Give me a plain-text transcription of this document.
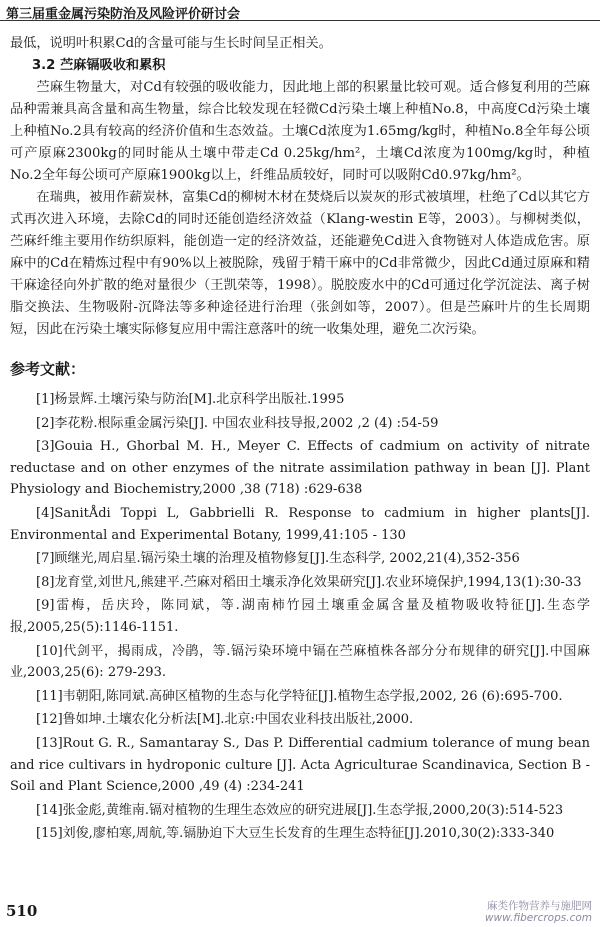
第三届重金属污染防治及风险评价研讨会

最低，说明叶积累Cd的含量可能与生长时间呈正相关。

3.2 苎麻镉吸收和累积

苎麻生物量大，对Cd有较强的吸收能力，因此地上部的积累量比较可观。适合修复利用的苎麻品种需兼具高含量和高生物量，综合比较发现在轻微Cd污染土壤上种植No.8，中高度Cd污染土壤上种植No.2具有较高的经济价值和生态效益。土壤Cd浓度为1.65mg/kg时，种植No.8全年每公顷可产原麻2300kg的同时能从土壤中带走Cd 0.25kg/hm²，土壤Cd浓度为100mg/kg时，种植No.2全年每公顷可产原麻1900kg以上，纤维品质较好，同时可以吸附Cd0.97kg/hm²。

在瑞典，被用作薪炭林，富集Cd的柳树木材在焚烧后以炭灰的形式被填埋，杜绝了Cd以其它方式再次进入环境，去除Cd的同时还能创造经济效益（Klang-westin E等，2003）。与柳树类似，苎麻纤维主要用作纺织原料，能创造一定的经济效益，还能避免Cd进入食物链对人体造成危害。原麻中的Cd在精炼过程中有90%以上被脱除，残留于精干麻中的Cd非常微少，因此Cd通过原麻和精干麻途径向外扩散的绝对量很少（王凯荣等，1998）。脱胶废水中的Cd可通过化学沉淀法、离子树脂交换法、生物吸附-沉降法等多种途径进行治理（张剑如等，2007）。但是苎麻叶片的生长周期短，因此在污染土壤实际修复应用中需注意落叶的统一收集处理，避免二次污染。

参考文献：

[1]杨景辉.土壤污染与防治[M].北京科学出版社.1995

[2]李花粉.根际重金属污染[J]. 中国农业科技导报,2002 ,2 (4) :54-59

[3]Gouia H., Ghorbal M. H., Meyer C. Effects of cadmium on activity of nitrate reductase and on other enzymes of the nitrate assimilation pathway in bean [J]. Plant Physiology and Biochemistry,2000 ,38 (718) :629-638

[4]SanitÅdi Toppi L, Gabbrielli R. Response to cadmium in higher plants[J]. Environmental and Experimental Botany, 1999,41:105 - 130

[7]顾继光,周启星.镉污染土壤的治理及植物修复[J].生态科学, 2002,21(4),352-356

[8]龙育堂,刘世凡,熊建平.苎麻对稻田土壤汞净化效果研究[J].农业环境保护,1994,13(1):30-33

[9]雷梅，岳庆玲，陈同斌，等.湖南柿竹园土壤重金属含量及植物吸收特征[J].生态学报,2005,25(5):1146-1151.

[10]代剑平，揭雨成，冷鹃，等.镉污染环境中镉在苎麻植株各部分分布规律的研究[J].中国麻业,2003,25(6): 279-293.

[11]韦朝阳,陈同斌.高砷区植物的生态与化学特征[J].植物生态学报,2002, 26 (6):695-700.

[12]鲁如坤.土壤农化分析法[M].北京:中国农业科技出版社,2000.

[13]Rout G. R., Samantaray S., Das P. Differential cadmium tolerance of mung bean and rice cultivars in hydroponic culture [J]. Acta Agriculturae Scandinavica, Section B - Soil and Plant Science,2000 ,49 (4) :234-241

[14]张金彪,黄维南.镉对植物的生理生态效应的研究进展[J].生态学报,2000,20(3):514-523

[15]刘俊,廖柏寒,周航,等.镉胁迫下大豆生长发育的生理生态特征[J].2010,30(2):333-340

510	麻类作物营养与施肥网
www.fibercrops.com
